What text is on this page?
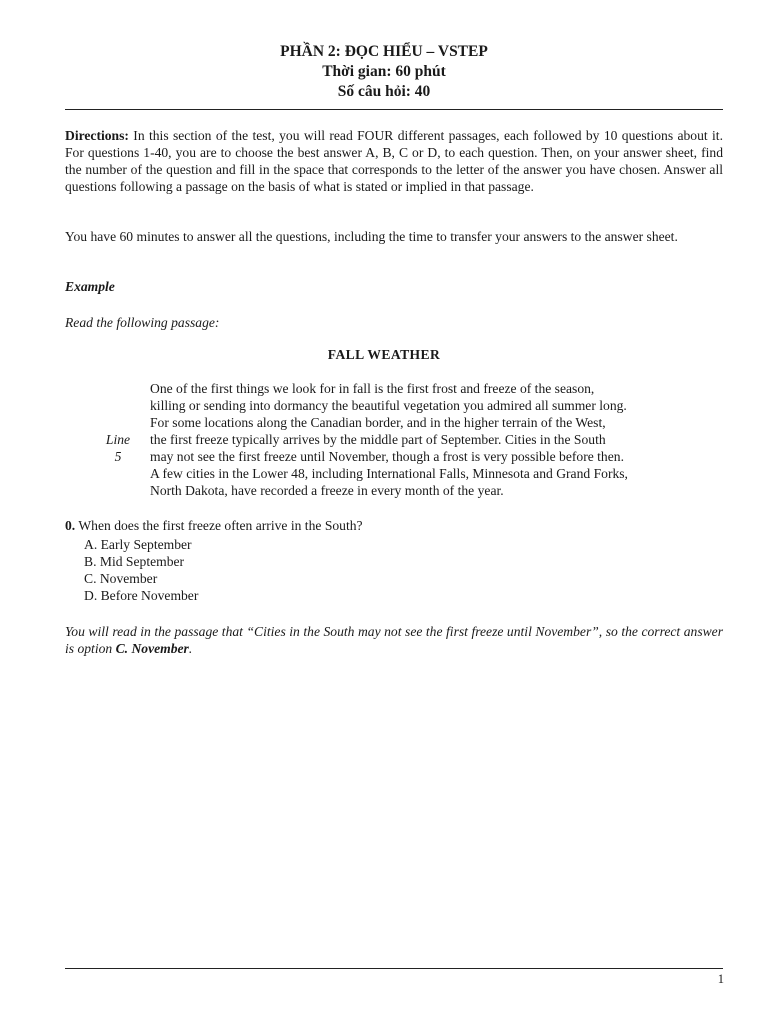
PHẦN 2: ĐỌC HIỂU – VSTEP
Thời gian: 60 phút
Số câu hỏi: 40
Directions: In this section of the test, you will read FOUR different passages, each followed by 10 questions about it. For questions 1-40, you are to choose the best answer A, B, C or D, to each question. Then, on your answer sheet, find the number of the question and fill in the space that corresponds to the letter of the answer you have chosen. Answer all questions following a passage on the basis of what is stated or implied in that passage.
You have 60 minutes to answer all the questions, including the time to transfer your answers to the answer sheet.
Example
Read the following passage:
FALL WEATHER
Line
5
One of the first things we look for in fall is the first frost and freeze of the season,
killing or sending into dormancy the beautiful vegetation you admired all summer long.
For some locations along the Canadian border, and in the higher terrain of the West,
the first freeze typically arrives by the middle part of September. Cities in the South
may not see the first freeze until November, though a frost is very possible before then.
A few cities in the Lower 48, including International Falls, Minnesota and Grand Forks,
North Dakota, have recorded a freeze in every month of the year.
0. When does the first freeze often arrive in the South?
A. Early September
B. Mid September
C. November
D. Before November
You will read in the passage that “Cities in the South may not see the first freeze until November”, so the correct answer is option C. November.
1
